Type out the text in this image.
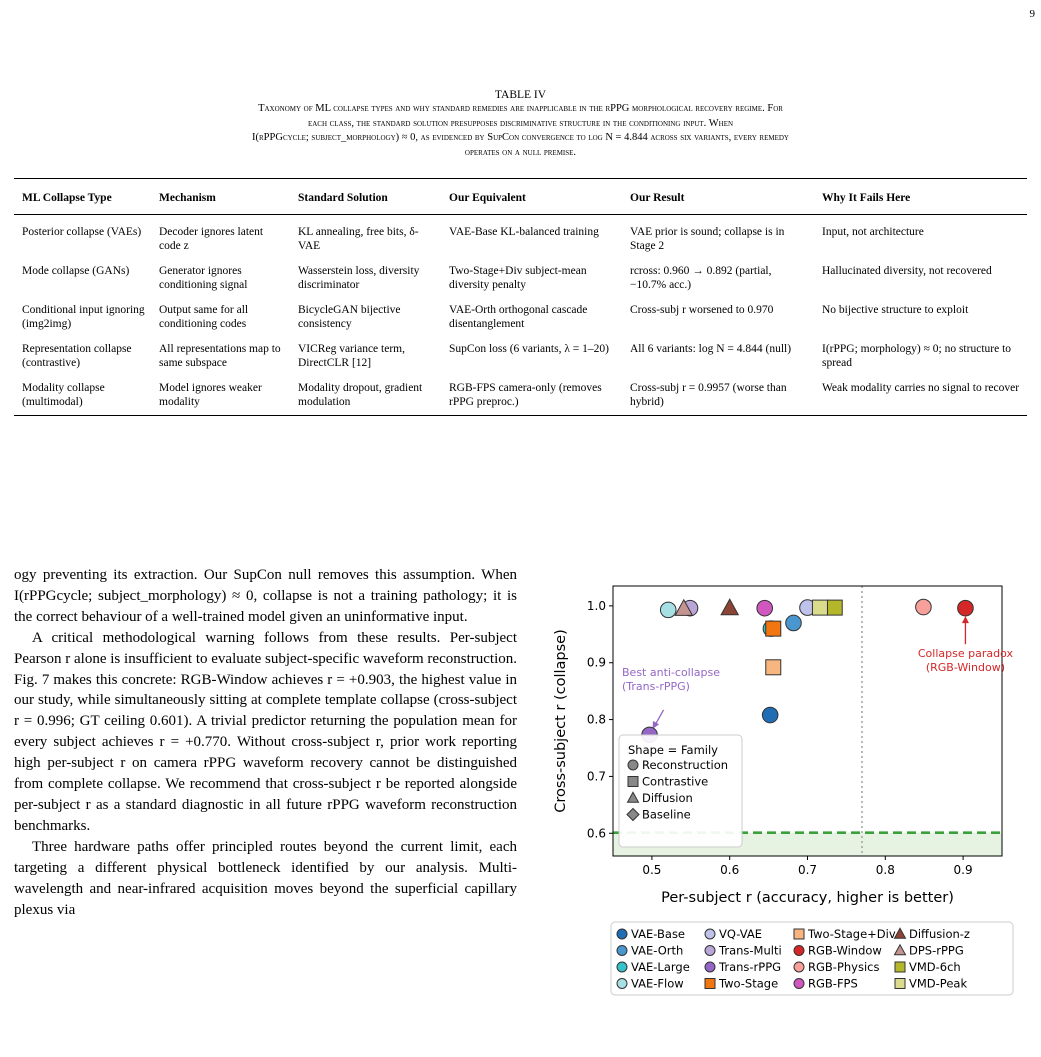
9
TABLE IV
Taxonomy of ML collapse types and why standard remedies are inapplicable in the rPPG morphological recovery regime. For
each class, the standard solution presupposes discriminative structure in the conditioning input. When
I(rPPGcycle; subject_morphology) ≈ 0, as evidenced by SupCon convergence to log N = 4.844 across six variants, every remedy
operates on a null premise.
ML Collapse Type	Mechanism	Standard Solution	Our Equivalent	Our Result	Why It Fails Here
Posterior collapse (VAEs)	Decoder ignores latent code z	KL annealing, free bits, δ-VAE	VAE-Base KL-balanced training	VAE prior is sound; collapse is in Stage 2	Input, not architecture
Mode collapse (GANs)	Generator ignores conditioning signal	Wasserstein loss, diversity discriminator	Two-Stage+Div subject-mean diversity penalty	rcross: 0.960 → 0.892 (partial, −10.7% acc.)	Hallucinated diversity, not recovered
Conditional input ignoring (img2img)	Output same for all conditioning codes	BicycleGAN bijective consistency	VAE-Orth orthogonal cascade disentanglement	Cross-subj r worsened to 0.970	No bijective structure to exploit
Representation collapse (contrastive)	All representations map to same subspace	VICReg variance term, DirectCLR [12]	SupCon loss (6 variants, λ = 1–20)	All 6 variants: log N = 4.844 (null)	I(rPPG; morphology) ≈ 0; no structure to spread
Modality collapse (multimodal)	Model ignores weaker modality	Modality dropout, gradient modulation	RGB-FPS camera-only (removes rPPG preproc.)	Cross-subj r = 0.9957 (worse than hybrid)	Weak modality carries no signal to recover

ogy preventing its extraction. Our SupCon null removes this assumption. When I(rPPGcycle; subject_morphology) ≈ 0, collapse is not a training pathology; it is the correct behaviour of a well-trained model given an uninformative input.

A critical methodological warning follows from these results. Per-subject Pearson r alone is insufficient to evaluate subject-specific waveform reconstruction. Fig. 7 makes this concrete: RGB-Window achieves r = +0.903, the highest value in our study, while simultaneously sitting at complete template collapse (cross-subject r = 0.996; GT ceiling 0.601). A trivial predictor returning the population mean for every subject achieves r = +0.770. Without cross-subject r, prior work reporting high per-subject r on camera rPPG waveform recovery cannot be distinguished from complete collapse. We recommend that cross-subject r be reported alongside per-subject r as a standard diagnostic in all future rPPG waveform reconstruction benchmarks.

Three hardware paths offer principled routes beyond the current limit, each targeting a different physical bottleneck identified by our analysis. Multi-wavelength and near-infrared acquisition moves beyond the superficial capillary plexus via

0.5	0.6	0.7	0.8	0.9
0.6
0.7
0.8
0.9
1.0
Per-subject r (accuracy, higher is better)
Cross-subject r (collapse)	Collapse paradox
(RGB-Window)
Best anti-collapse
(Trans-rPPG)
Shape = Family
Reconstruction
Contrastive
Diffusion
Baseline
VAE-Base
VAE-Orth
VAE-Large
VAE-Flow
VQ-VAE
Trans-Multi
Trans-rPPG
Two-Stage
Two-Stage+Div
RGB-Window
RGB-Physics
RGB-FPS
Diffusion-z
DPS-rPPG
VMD-6ch
VMD-Peak
